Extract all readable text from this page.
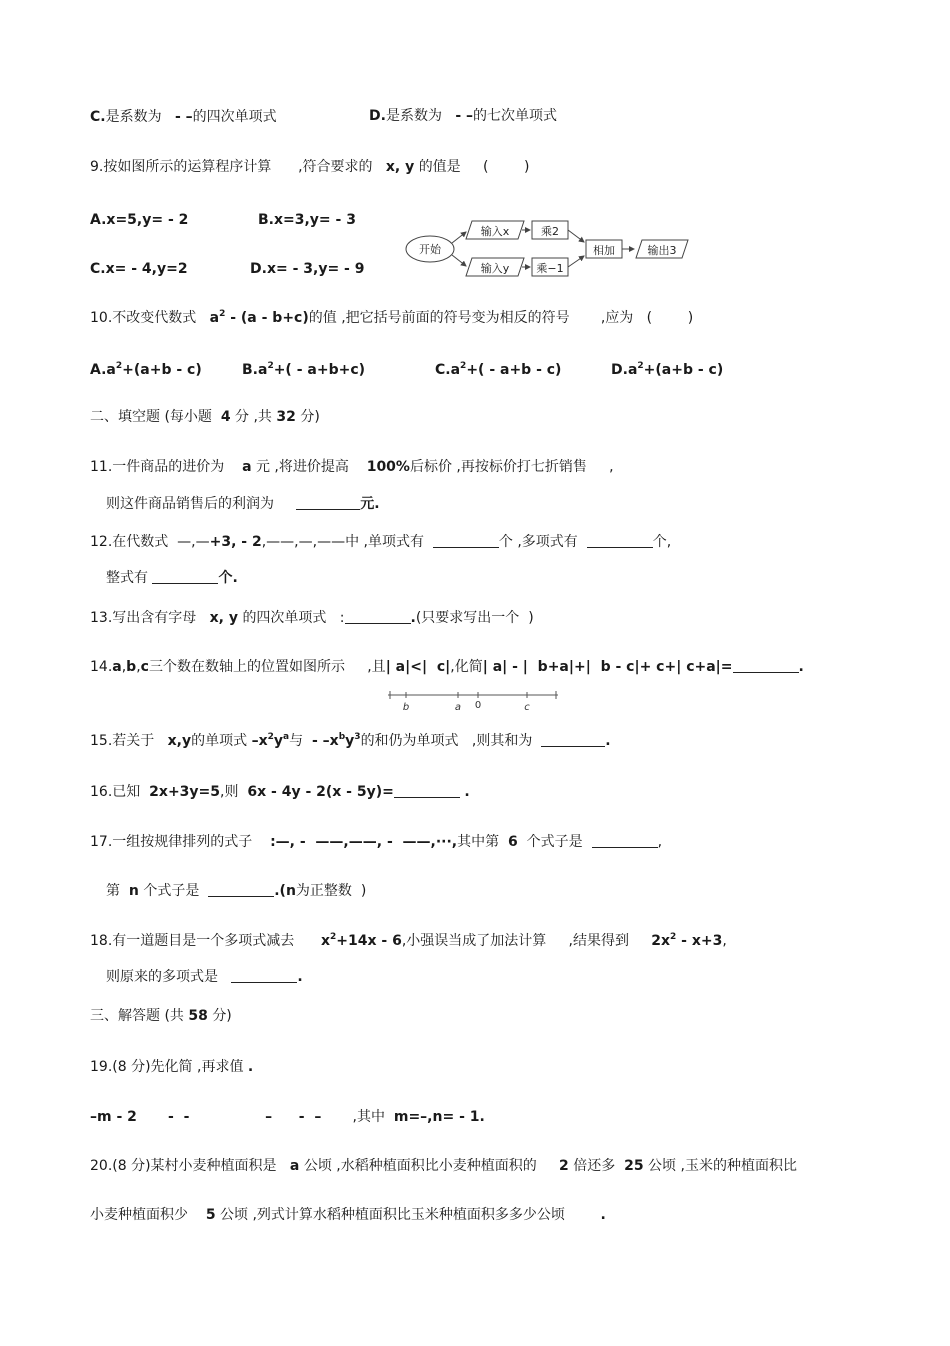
C.是系数为 - –的四次单项式	D.是系数为 - –的七次单项式
9.按如图所示的运算程序计算 ,符合要求的 x, y 的值是 (        )
A.x=5,y= - 2	B.x=3,y= - 3
C.x= - 4,y=2	D.x= - 3,y= - 9
开始
输入x
输入y
乘2
乘−1
相加	输出3
10.不改变代数式 $a^2 - (a - b+c)$的值 ,把它括号前面的符号变为相反的符号 ,应为 (        )
$A.a^2+(a+b - c)$	$B.a^2+( - a+b+c)$	$C.a^2+( - a+b - c)$	$D.a^2+(a+b - c)$
二、填空题 (每小题 4 分 ,共 32 分)
11.一件商品的进价为 a 元 ,将进价提高 100%后标价 ,再按标价打七折销售 ,
则这件商品销售后的利润为	元.
12.在代数式 —,—+3, - 2,——,—,——中 ,单项式有	个 ,多项式有	个,
整式有	个.
13.写出含有字母 x, y 的四次单项式 :	.(只要求写出一个 )
14.a,b,c三个数在数轴上的位置如图所示 ,且| a|<|  c|,化简| a| - |  b+a|+|  b - c|+ c+| c+a|=	.
b	a 0	c
15.若关于 x,y的单项式 $-x^2y^a$与 - $-x^by^3$的和仍为单项式 ,则其和为	.
16.已知 2x+3y=5,则 6x - 4y - 2(x - 5y)=	.
17.一组按规律排列的式子 :—, -  ——,——, -  ——,···,其中第 6 个式子是	,
第 n 个式子是	.(n为正整数 )
18.有一道题目是一个多项式减去 $x^2+14x - 6$,小强误当成了加法计算 ,结果得到 $2x^2 - x+3$,
则原来的多项式是	.
三、解答题 (共 58 分)
19.(8 分)先化简 ,再求值 .
–m - 2 -  -	– -  – ,其中 m=–,n= - 1.
20.(8 分)某村小麦种植面积是 a 公顷 ,水稻种植面积比小麦种植面积的 2 倍还多 25 公顷 ,玉米的种植面积比
小麦种植面积少 5 公顷 ,列式计算水稻种植面积比玉米种植面积多多少公顷	.
